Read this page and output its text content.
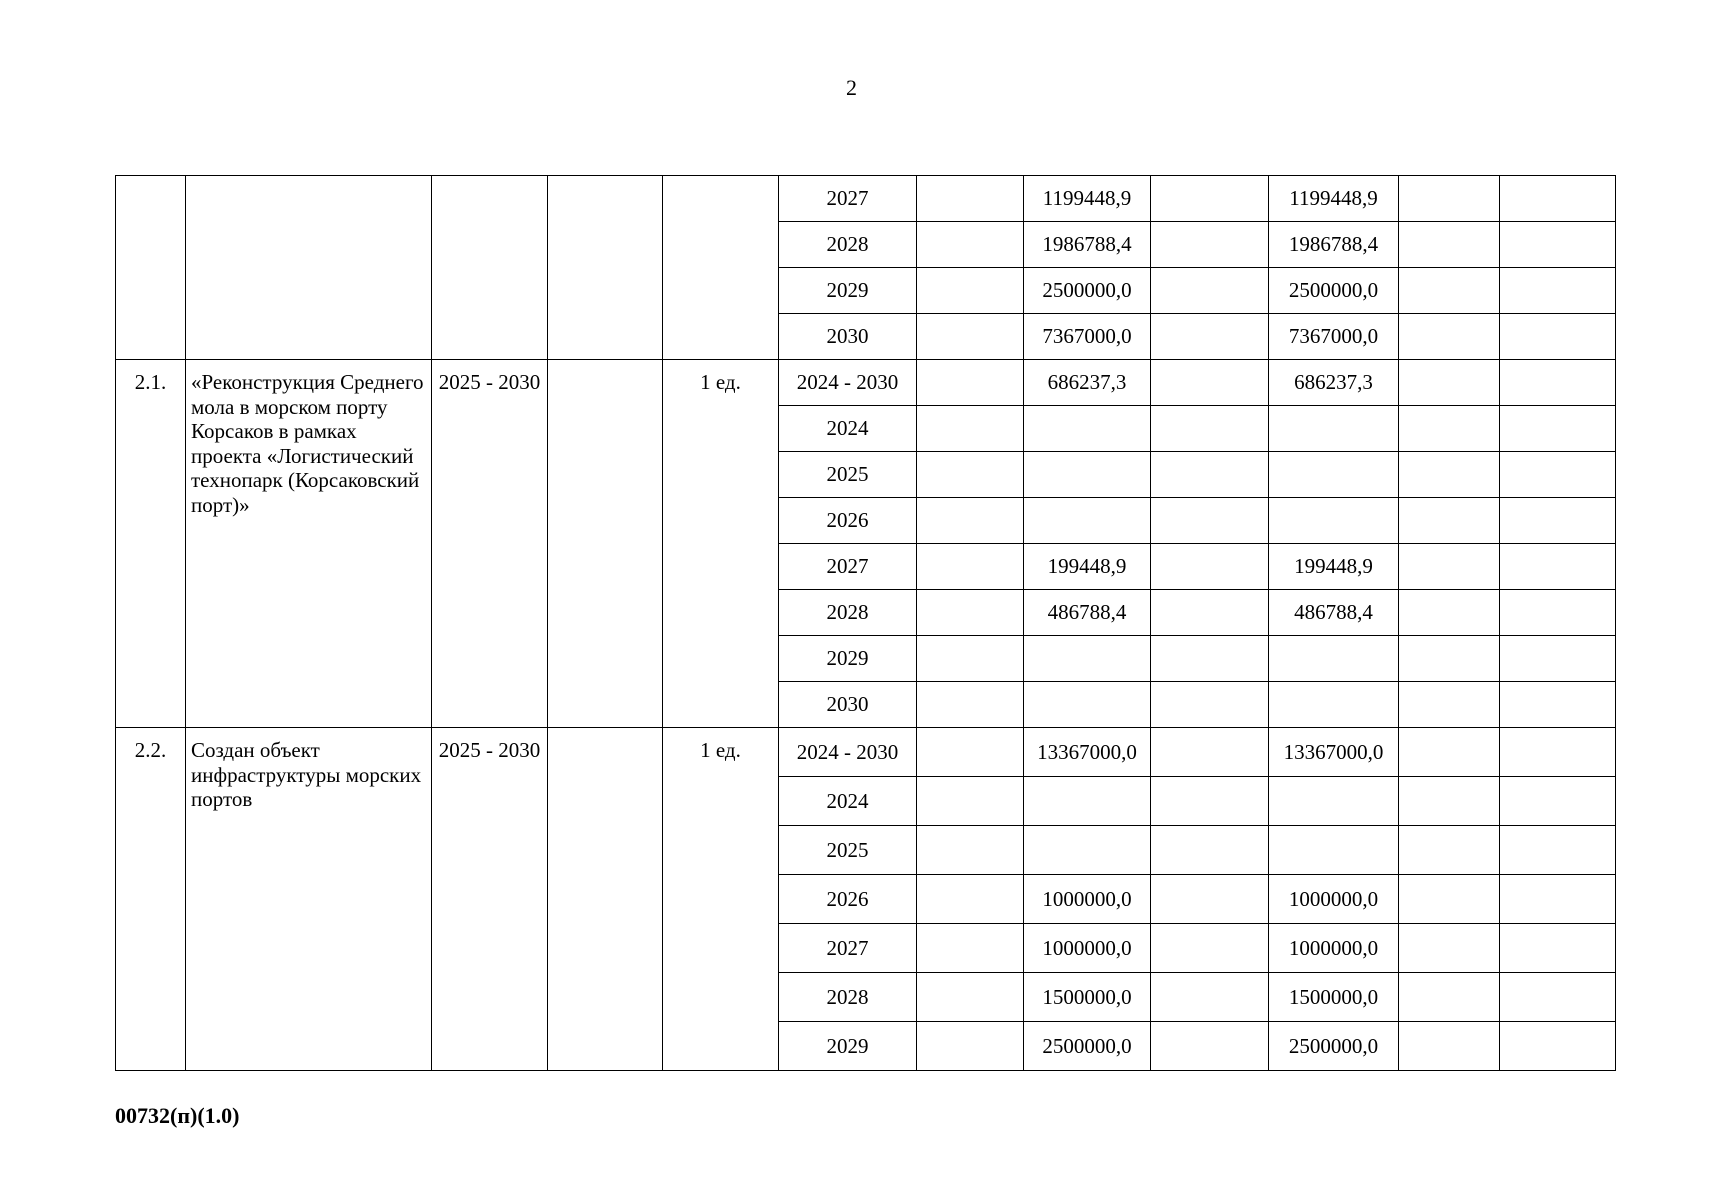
2
					2027		1199448,9		1199448,9		
					2028		1986788,4		1986788,4		
					2029		2500000,0		2500000,0		
					2030		7367000,0		7367000,0		
2.1.	«Реконструкция Среднего мола в морском порту Корсаков в рамках проекта «Логистический технопарк (Корсаковский порт)»	2025 - 2030		1 ед.	2024 - 2030		686237,3		686237,3		
					2024						
					2025						
					2026						
					2027		199448,9		199448,9		
					2028		486788,4		486788,4		
					2029						
					2030						
2.2.	Создан объект инфраструктуры морских портов	2025 - 2030		1 ед.	2024 - 2030		13367000,0		13367000,0		
					2024						
					2025						
					2026		1000000,0		1000000,0		
					2027		1000000,0		1000000,0		
					2028		1500000,0		1500000,0		
					2029		2500000,0		2500000,0		
00732(п)(1.0)
